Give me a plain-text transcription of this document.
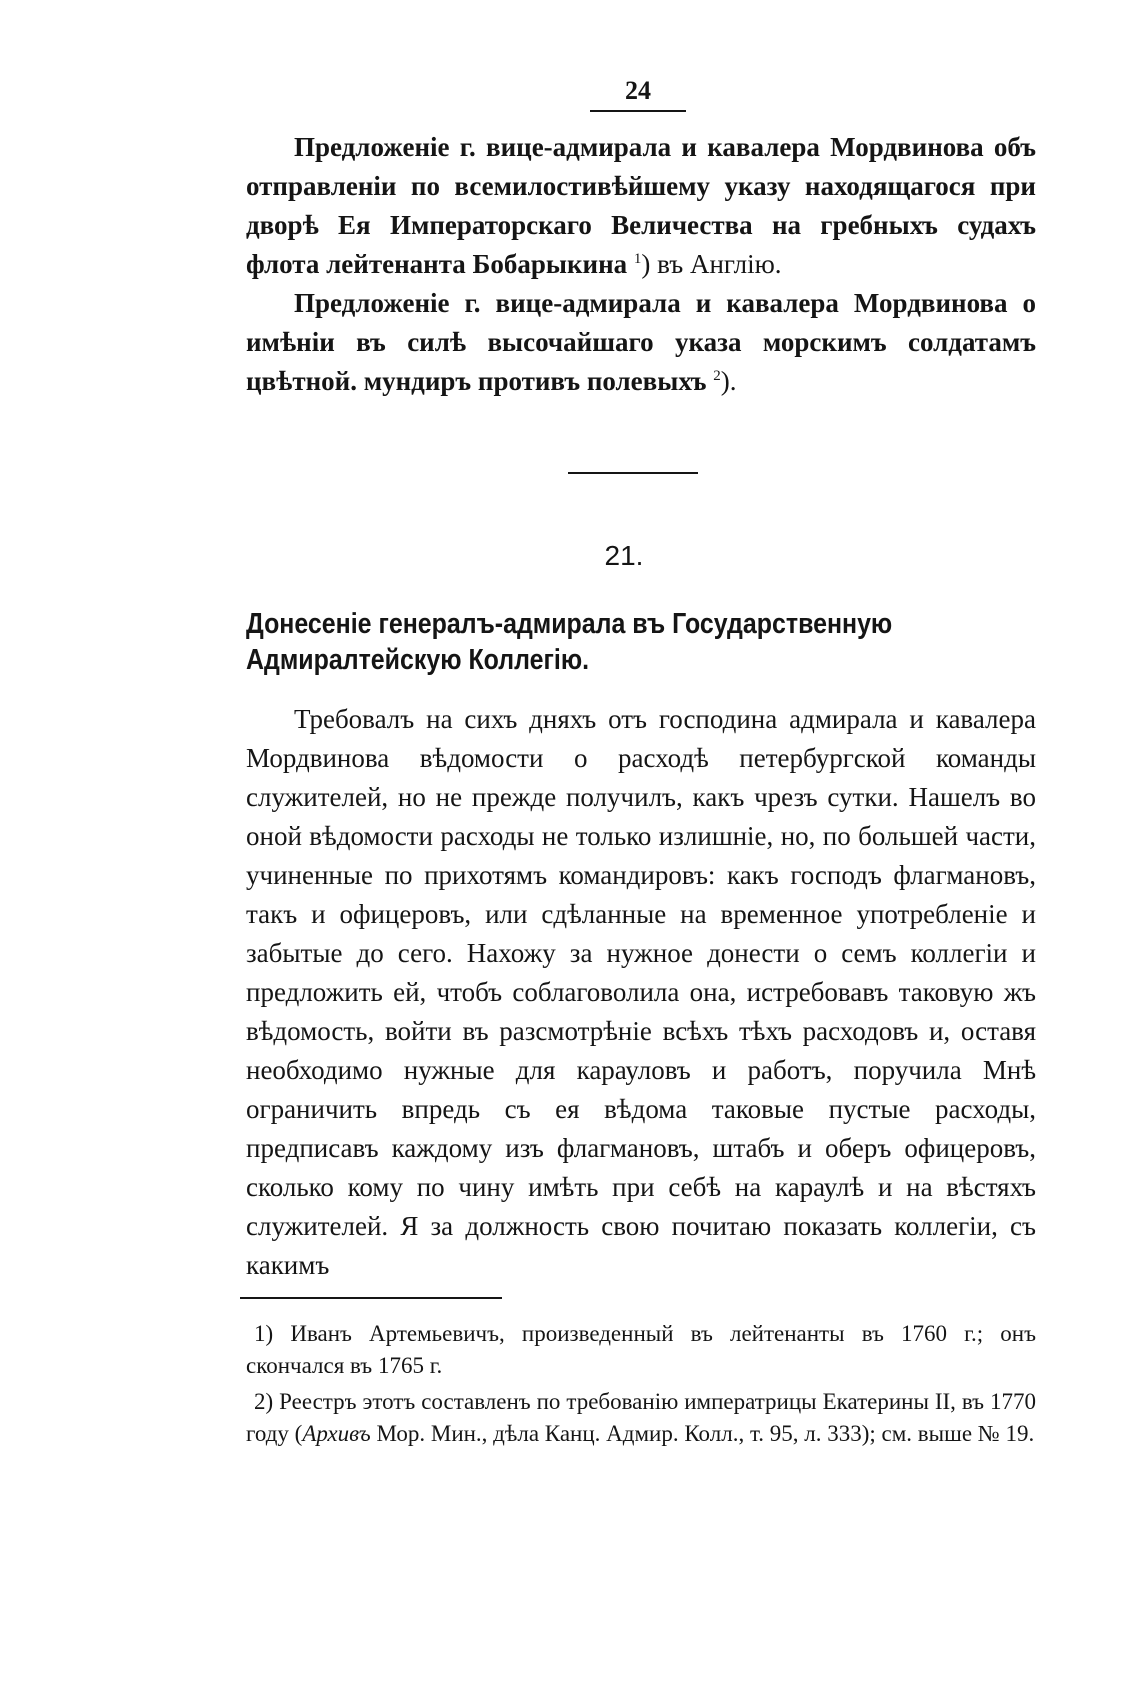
24

Предложеніе г. вице-адмирала и кавалера Мордвинова объ отправленіи по всемилостивѣйшему указу находящагося при дворѣ Ея Императорскаго Величества на гребныхъ судахъ флота лейтенанта Бобарыкина $^1$) въ Англію.

Предложеніе г. вице-адмирала и кавалера Мордвинова о имѣніи въ силѣ высочайшаго указа морскимъ солдатамъ цвѣтной. мундиръ противъ полевыхъ $^2$).

21.
Донесеніе генералъ-адмирала въ Государственную Адмиралтейскую Коллегію.

Требовалъ на сихъ дняхъ отъ господина адмирала и кавалера Мордвинова вѣдомости о расходѣ петербургской команды служителей, но не прежде получилъ, какъ чрезъ сутки. Нашелъ во оной вѣдомости расходы не только излишніе, но, по большей части, учиненные по прихотямъ командировъ: какъ господъ флагмановъ, такъ и офицеровъ, или сдѣланные на временное употребленіе и забытые до сего. Нахожу за нужное донести о семъ коллегіи и предложить ей, чтобъ соблаговолила она, истребовавъ таковую жъ вѣдомость, войти въ разсмотрѣніе всѣхъ тѣхъ расходовъ и, оставя необходимо нужные для карауловъ и работъ, поручила Мнѣ ограничить впредь съ ея вѣдома таковые пустые расходы, предписавъ каждому изъ флагмановъ, штабъ и оберъ офицеровъ, сколько кому по чину имѣть при себѣ на караулѣ и на вѣстяхъ служителей. Я за должность свою почитаю показать коллегіи, съ какимъ

1) Иванъ Артемьевичъ, произведенный въ лейтенанты въ 1760 г.; онъ скончался въ 1765 г.

2) Реестръ этотъ составленъ по требованію императрицы Екатерины II, въ 1770 году (Архивъ Мор. Мин., дѣла Канц. Адмир. Колл., т. 95, л. 333); см. выше № 19.
